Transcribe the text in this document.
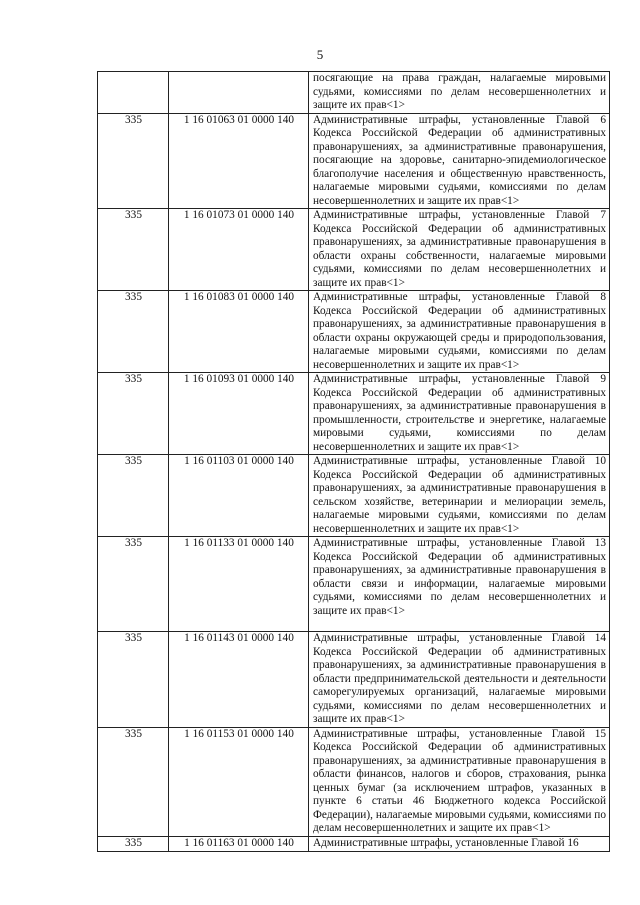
5
		посягающие на права граждан, налагаемые мировыми судьями, комиссиями по делам несовершеннолетних и защите их прав<1>
335	1 16 01063 01 0000 140	Административные штрафы, установленные Главой 6 Кодекса Российской Федерации об административных правонарушениях, за административные правонарушения, посягающие на здоровье, санитарно-эпидемиологическое благополучие населения и общественную нравственность, налагаемые мировыми судьями, комиссиями по делам несовершеннолетних и защите их прав<1>
335	1 16 01073 01 0000 140	Административные штрафы, установленные Главой 7 Кодекса Российской Федерации об административных правонарушениях, за административные правонарушения в области охраны собственности, налагаемые мировыми судьями, комиссиями по делам несовершеннолетних и защите их прав<1>
335	1 16 01083 01 0000 140	Административные штрафы, установленные Главой 8 Кодекса Российской Федерации об административных правонарушениях, за административные правонарушения в области охраны окружающей среды и природопользования, налагаемые мировыми судьями, комиссиями по делам несовершеннолетних и защите их прав<1>
335	1 16 01093 01 0000 140	Административные штрафы, установленные Главой 9 Кодекса Российской Федерации об административных правонарушениях, за административные правонарушения в промышленности, строительстве и энергетике, налагаемые мировыми судьями, комиссиями по делам несовершеннолетних и защите их прав<1>
335	1 16 01103 01 0000 140	Административные штрафы, установленные Главой 10 Кодекса Российской Федерации об административных правонарушениях, за административные правонарушения в сельском хозяйстве, ветеринарии и мелиорации земель, налагаемые мировыми судьями, комиссиями по делам несовершеннолетних и защите их прав<1>
335	1 16 01133 01 0000 140	Административные штрафы, установленные Главой 13 Кодекса Российской Федерации об административных правонарушениях, за административные правонарушения в области связи и информации, налагаемые мировыми судьями, комиссиями по делам несовершеннолетних и защите их прав<1>
335	1 16 01143 01 0000 140	Административные штрафы, установленные Главой 14 Кодекса Российской Федерации об административных правонарушениях, за административные правонарушения в области предпринимательской деятельности и деятельности саморегулируемых организаций, налагаемые мировыми судьями, комиссиями по делам несовершеннолетних и защите их прав<1>
335	1 16 01153 01 0000 140	Административные штрафы, установленные Главой 15 Кодекса Российской Федерации об административных правонарушениях, за административные правонарушения в области финансов, налогов и сборов, страхования, рынка ценных бумаг (за исключением штрафов, указанных в пункте 6 статьи 46 Бюджетного кодекса Российской Федерации), налагаемые мировыми судьями, комиссиями по делам несовершеннолетних и защите их прав<1>
335	1 16 01163 01 0000 140	Административные штрафы, установленные Главой 16
